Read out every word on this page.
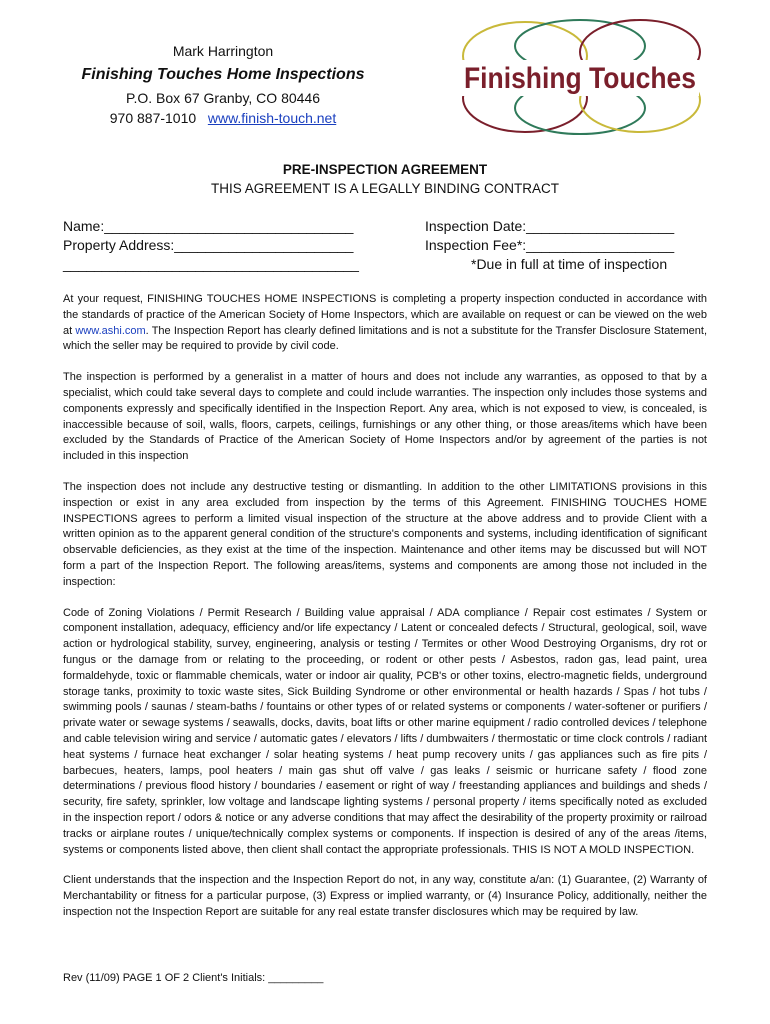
Mark Harrington
Finishing Touches Home Inspections
P.O. Box 67 Granby, CO 80446
970 887-1010 www.finish-touch.net
Finishing Touches
PRE-INSPECTION AGREEMENT
THIS AGREEMENT IS A LEGALLY BINDING CONTRACT
Name:________________________________
Property Address:_______________________
______________________________________
Inspection Date:___________________
Inspection Fee*:___________________
*Due in full at time of inspection

At your request, FINISHING TOUCHES HOME INSPECTIONS is completing a property inspection conducted in accordance with the standards of practice of the American Society of Home Inspectors, which are available on request or can be viewed on the web at www.ashi.com. The Inspection Report has clearly defined limitations and is not a substitute for the Transfer Disclosure Statement, which the seller may be required to provide by civil code.

The inspection is performed by a generalist in a matter of hours and does not include any warranties, as opposed to that by a specialist, which could take several days to complete and could include warranties. The inspection only includes those systems and components expressly and specifically identified in the Inspection Report. Any area, which is not exposed to view, is concealed, is inaccessible because of soil, walls, floors, carpets, ceilings, furnishings or any other thing, or those areas/items which have been excluded by the Standards of Practice of the American Society of Home Inspectors and/or by agreement of the parties is not included in this inspection

The inspection does not include any destructive testing or dismantling. In addition to the other LIMITATIONS provisions in this inspection or exist in any area excluded from inspection by the terms of this Agreement. FINISHING TOUCHES HOME INSPECTIONS agrees to perform a limited visual inspection of the structure at the above address and to provide Client with a written opinion as to the apparent general condition of the structure's components and systems, including identification of significant observable deficiencies, as they exist at the time of the inspection. Maintenance and other items may be discussed but will NOT form a part of the Inspection Report. The following areas/items, systems and components are among those not included in the inspection:

Code of Zoning Violations / Permit Research / Building value appraisal / ADA compliance / Repair cost estimates / System or component installation, adequacy, efficiency and/or life expectancy / Latent or concealed defects / Structural, geological, soil, wave action or hydrological stability, survey, engineering, analysis or testing / Termites or other Wood Destroying Organisms, dry rot or fungus or the damage from or relating to the proceeding, or rodent or other pests / Asbestos, radon gas, lead paint, urea formaldehyde, toxic or flammable chemicals, water or indoor air quality, PCB's or other toxins, electro-magnetic fields, underground storage tanks, proximity to toxic waste sites, Sick Building Syndrome or other environmental or health hazards / Spas / hot tubs / swimming pools / saunas / steam-baths / fountains or other types of or related systems or components / water-softener or purifiers / private water or sewage systems / seawalls, docks, davits, boat lifts or other marine equipment / radio controlled devices / telephone and cable television wiring and service / automatic gates / elevators / lifts / dumbwaiters / thermostatic or time clock controls / radiant heat systems / furnace heat exchanger / solar heating systems / heat pump recovery units / gas appliances such as fire pits / barbecues, heaters, lamps, pool heaters / main gas shut off valve / gas leaks / seismic or hurricane safety / flood zone determinations / previous flood history / boundaries / easement or right of way / freestanding appliances and buildings and sheds / security, fire safety, sprinkler, low voltage and landscape lighting systems / personal property / items specifically noted as excluded in the inspection report / odors & notice or any adverse conditions that may affect the desirability of the property proximity or railroad tracks or airplane routes / unique/technically complex systems or components. If inspection is desired of any of the areas /items, systems or components listed above, then client shall contact the appropriate professionals. THIS IS NOT A MOLD INSPECTION.

Client understands that the inspection and the Inspection Report do not, in any way, constitute a/an: (1) Guarantee, (2) Warranty of Merchantability or fitness for a particular purpose, (3) Express or implied warranty, or (4) Insurance Policy, additionally, neither the inspection not the Inspection Report are suitable for any real estate transfer disclosures which may be required by law.

Rev (11/09) PAGE 1 OF 2 Client's Initials: _________
